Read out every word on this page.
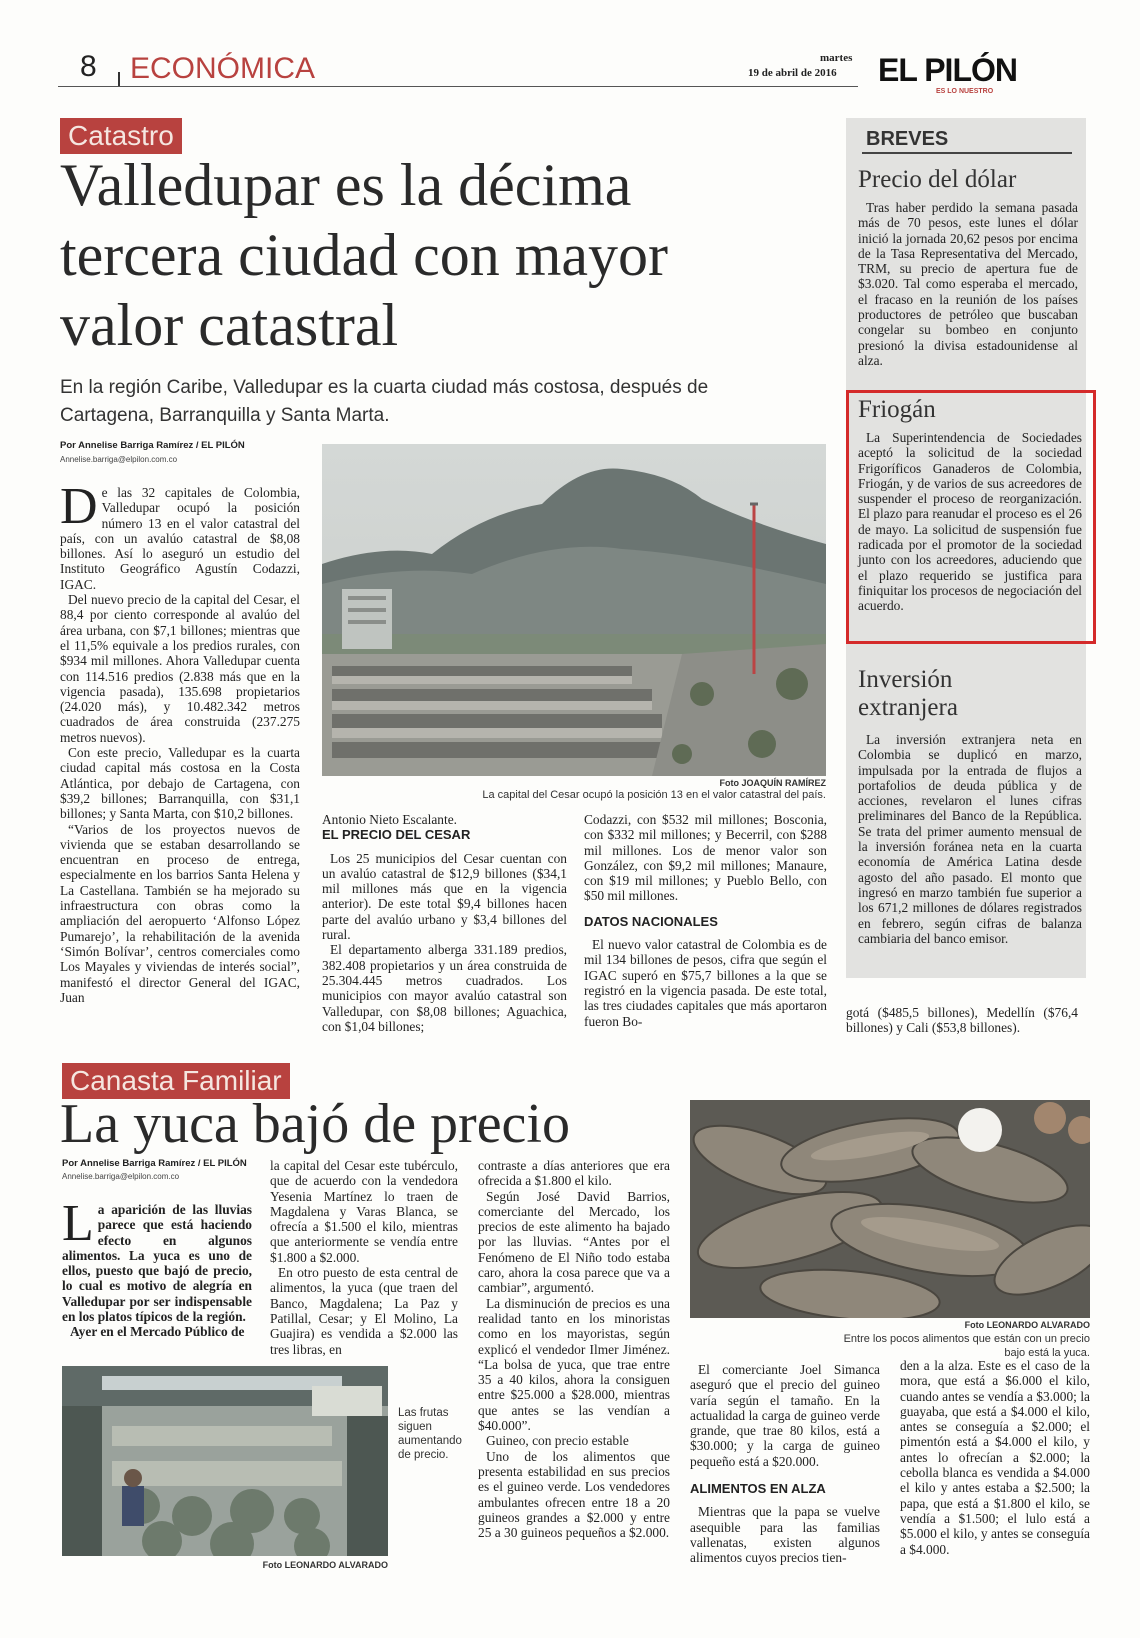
8 ECONÓMICA	martes
19 de abril de 2016 EL PILÓN
ES LO NUESTRO
Catastro
Valledupar es la décima
tercera ciudad con mayor
valor catastral
En la región Caribe, Valledupar es la cuarta ciudad más costosa, después de
Cartagena, Barranquilla y Santa Marta.
Por Annelise Barriga Ramírez / EL PILÓN
Annelise.barriga@elpilon.com.co
D e las 32 capitales de Colombia, Valledupar ocupó la posición número 13 en el valor catastral del país, con un avalúo catastral de $8,08 billones. Así lo aseguró un estudio del Instituto Geográfico Agustín Codazzi, IGAC.

Del nuevo precio de la capital del Cesar, el 88,4 por ciento corresponde al avalúo del área urbana, con $7,1 billones; mientras que el 11,5% equivale a los predios rurales, con $934 mil millones. Ahora Valledupar cuenta con 114.516 predios (2.838 más que en la vigencia pasada), 135.698 propietarios (24.020 más), y 10.482.342 metros cuadrados de área construida (237.275 metros nuevos).

Con este precio, Valledupar es la cuarta ciudad capital más costosa en la Costa Atlántica, por debajo de Cartagena, con $39,2 billones; Barranquilla, con $31,1 billones; y Santa Marta, con $10,2 billones.

“Varios de los proyectos nuevos de vivienda que se estaban desarrollando se encuentran en proceso de entrega, especialmente en los barrios Santa Helena y La Castellana. También se ha mejorado su infraestructura con obras como la ampliación del aeropuerto ‘Alfonso López Pumarejo’, la rehabilitación de la avenida ‘Simón Bolívar’, centros comerciales como Los Mayales y viviendas de interés social”, manifestó el director General del IGAC, Juan

Foto JOAQUÍN RAMÍREZ
La capital del Cesar ocupó la posición 13 en el valor catastral del país.

Antonio Nieto Escalante.

EL PRECIO DEL CESAR

Los 25 municipios del Cesar cuentan con un avalúo catastral de $12,9 billones ($34,1 mil millones más que en la vigencia anterior). De este total $9,4 billones hacen parte del avalúo urbano y $3,4 billones del rural.

El departamento alberga 331.189 predios, 382.408 propietarios y un área construida de 25.304.445 metros cuadrados. Los municipios con mayor avalúo catastral son Valledupar, con $8,08 billones; Aguachica, con $1,04 billones;

Codazzi, con $532 mil millones; Bosconia, con $332 mil millones; y Becerril, con $288 mil millones. Los de menor valor son González, con $9,2 mil millones; Manaure, con $19 mil millones; y Pueblo Bello, con $50 mil millones.

DATOS NACIONALES

El nuevo valor catastral de Colombia es de mil 134 billones de pesos, cifra que según el IGAC superó en $75,7 billones a la que se registró en la vigencia pasada. De este total, las tres ciudades capitales que más aportaron fueron Bo-

gotá ($485,5 billones), Medellín ($76,4 billones) y Cali ($53,8 billones).

BREVES
Precio del dólar
Tras haber perdido la semana pasada más de 70 pesos, este lunes el dólar inició la jornada 20,62 pesos por encima de la Tasa Representativa del Mercado, TRM, su precio de apertura fue de $3.020. Tal como esperaba el mercado, el fracaso en la reunión de los países productores de petróleo que buscaban congelar su bombeo en conjunto presionó la divisa estadounidense al alza.
Friogán
La Superintendencia de Sociedades aceptó la solicitud de la sociedad Frigoríficos Ganaderos de Colombia, Friogán, y de varios de sus acreedores de suspender el proceso de reorganización. El plazo para reanudar el proceso es el 26 de mayo. La solicitud de suspensión fue radicada por el promotor de la sociedad junto con los acreedores, aduciendo que el plazo requerido se justifica para finiquitar los procesos de negociación del acuerdo.
Inversión extranjera
La inversión extranjera neta en Colombia se duplicó en marzo, impulsada por la entrada de flujos a portafolios de deuda pública y de acciones, revelaron el lunes cifras preliminares del Banco de la República. Se trata del primer aumento mensual de la inversión foránea neta en la cuarta economía de América Latina desde agosto del año pasado. El monto que ingresó en marzo también fue superior a los 671,2 millones de dólares registrados en febrero, según cifras de balanza cambiaria del banco emisor.
Canasta Familiar
La yuca bajó de precio
Por Annelise Barriga Ramírez / EL PILÓN
Annelise.barriga@elpilon.com.co
L a aparición de las lluvias parece que está haciendo efecto en algunos alimentos. La yuca es uno de ellos, puesto que bajó de precio, lo cual es motivo de alegría en Valledupar por ser indispensable en los platos típicos de la región.

Ayer en el Mercado Público de

Las frutas siguen aumentando de precio.
Foto LEONARDO ALVARADO

la capital del Cesar este tubérculo, que de acuerdo con la vendedora Yesenia Martínez lo traen de Magdalena y Varas Blanca, se ofrecía a $1.500 el kilo, mientras que anteriormente se vendía entre $1.800 a $2.000.

En otro puesto de esta central de alimentos, la yuca (que traen del Banco, Magdalena; La Paz y Patillal, Cesar; y El Molino, La Guajira) es vendida a $2.000 las tres libras, en

contraste a días anteriores que era ofrecida a $1.800 el kilo.

Según José David Barrios, comerciante del Mercado, los precios de este alimento ha bajado por las lluvias. “Antes por el Fenómeno de El Niño todo estaba caro, ahora la cosa parece que va a cambiar”, argumentó.

La disminución de precios es una realidad tanto en los minoristas como en los mayoristas, según explicó el vendedor Ilmer Jiménez. “La bolsa de yuca, que trae entre 35 a 40 kilos, ahora la consiguen entre $25.000 a $28.000, mientras que antes se las vendían a $40.000”.

Guineo, con precio estable

Uno de los alimentos que presenta estabilidad en sus precios es el guineo verde. Los vendedores ambulantes ofrecen entre 18 a 20 guineos grandes a $2.000 y entre 25 a 30 guineos pequeños a $2.000.

Foto LEONARDO ALVARADO
Entre los pocos alimentos que están con un precio bajo está la yuca.

El comerciante Joel Simanca aseguró que el precio del guineo varía según el tamaño. En la actualidad la carga de guineo verde grande, que trae 80 kilos, está a $30.000; y la carga de guineo pequeño está a $20.000.

ALIMENTOS EN ALZA

Mientras que la papa se vuelve asequible para las familias vallenatas, existen algunos alimentos cuyos precios tien-

den a la alza. Este es el caso de la mora, que está a $6.000 el kilo, cuando antes se vendía a $3.000; la guayaba, que está a $4.000 el kilo, antes se conseguía a $2.000; el pimentón está a $4.000 el kilo, y antes lo ofrecían a $2.000; la cebolla blanca es vendida a $4.000 el kilo y antes estaba a $2.500; la papa, que está a $1.800 el kilo, se vendía a $1.500; el lulo está a $5.000 el kilo, y antes se conseguía a $4.000.
